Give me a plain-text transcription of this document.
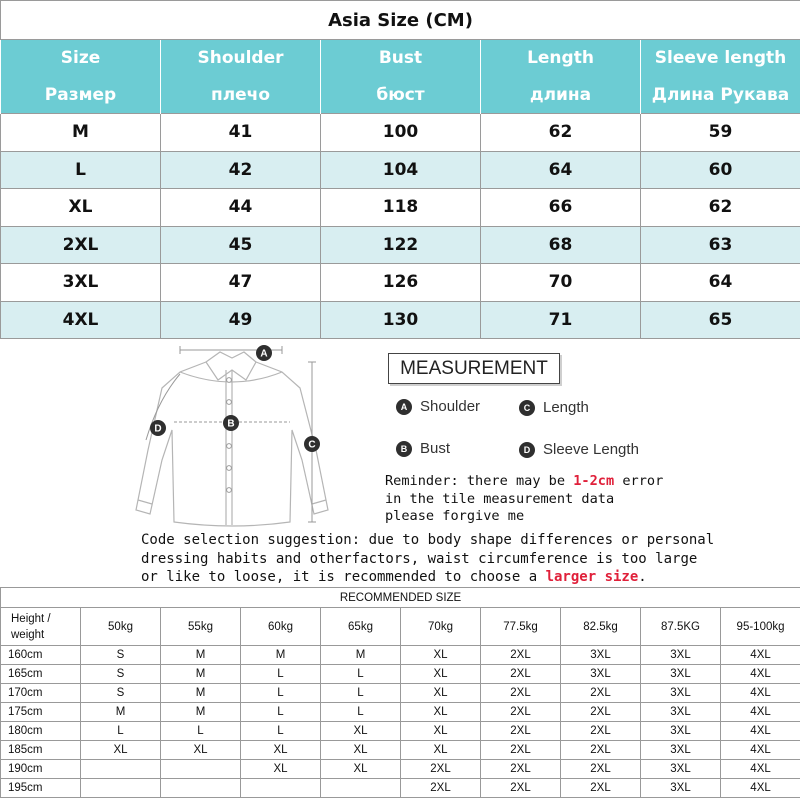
Asia Size (CM)				
Size	Shoulder	Bust	Length	Sleeve length
Размер	плечо	бюст	длина	Длина Рукава
M	41	100	62	59
L	42	104	64	60
XL	44	118	66	62
2XL	45	122	68	63
3XL	47	126	70	64
4XL	49	130	71	65
A
B
C
D
MEASUREMENT
A Shoulder	C Length
B Bust	D Sleeve Length
Reminder: there may be 1-2cm error
in the tile measurement data
please forgive me
Code selection suggestion: due to body shape differences or personal
dressing habits and otherfactors, waist circumference is too large
or like to loose, it is recommended to choose a larger size.
RECOMMENDED SIZE									
Height /
weight	50kg	55kg	60kg	65kg	70kg	77.5kg	82.5kg	87.5KG	95-100kg
160cm	S	M	M	M	XL	2XL	3XL	3XL	4XL
165cm	S	M	L	L	XL	2XL	3XL	3XL	4XL
170cm	S	M	L	L	XL	2XL	2XL	3XL	4XL
175cm	M	M	L	L	XL	2XL	2XL	3XL	4XL
180cm	L	L	L	XL	XL	2XL	2XL	3XL	4XL
185cm	XL	XL	XL	XL	XL	2XL	2XL	3XL	4XL
190cm			XL	XL	2XL	2XL	2XL	3XL	4XL
195cm					2XL	2XL	2XL	3XL	4XL
